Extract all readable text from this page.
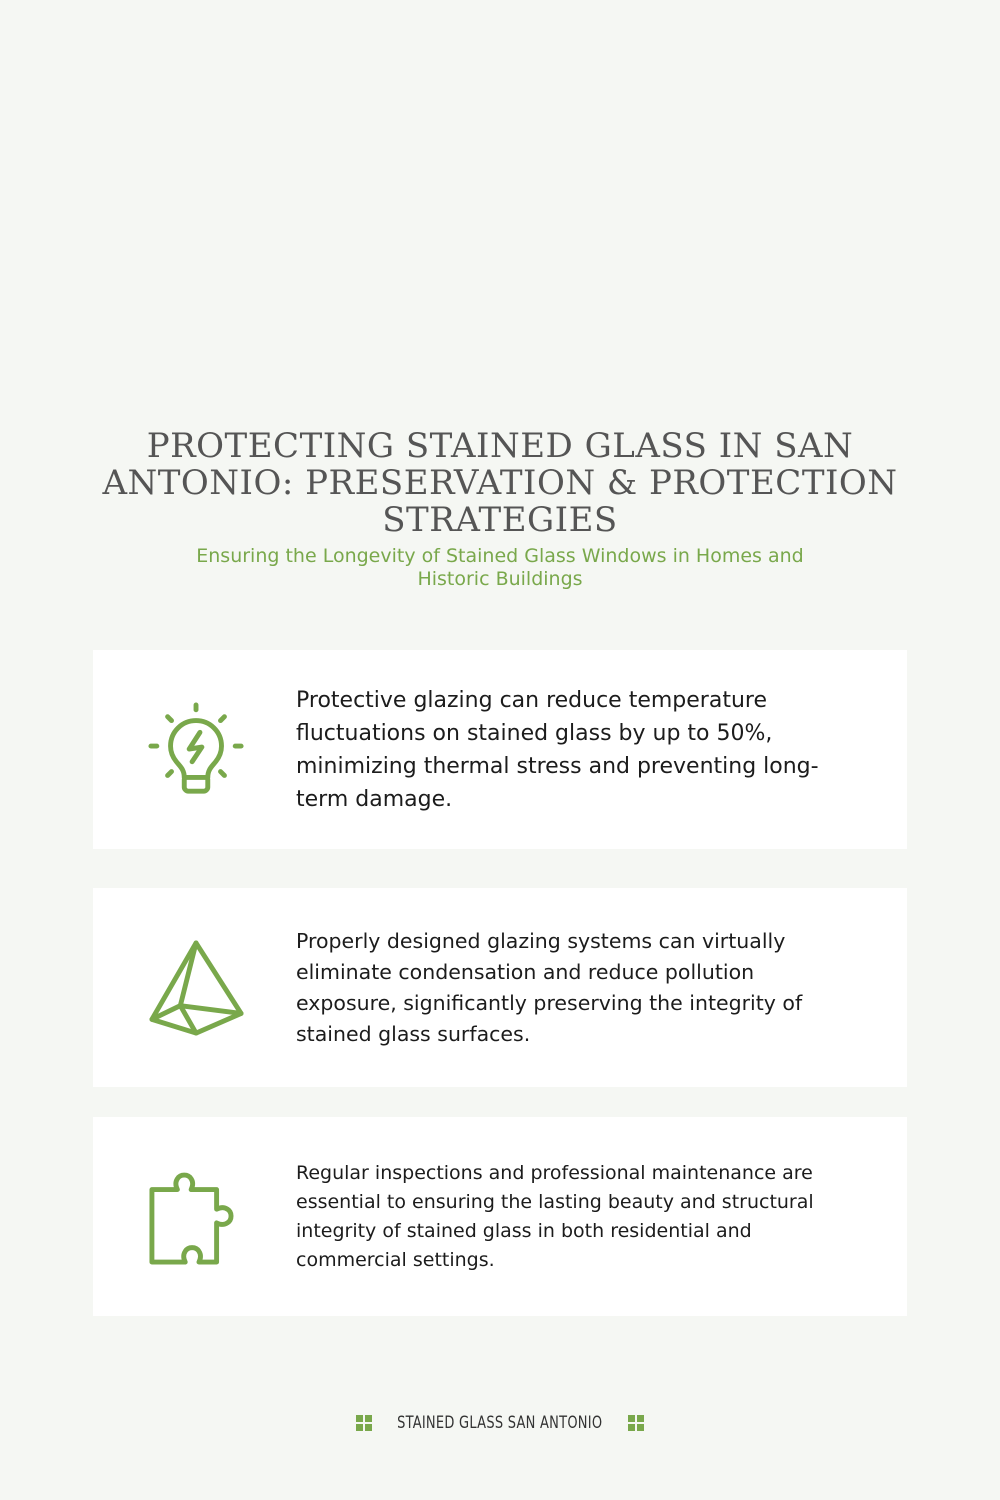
PROTECTING STAINED GLASS IN SAN ANTONIO: PRESERVATION & PROTECTION STRATEGIES
Ensuring the Longevity of Stained Glass Windows in Homes and Historic Buildings

Protective glazing can reduce temperature fluctuations on stained glass by up to 50%, minimizing thermal stress and preventing long-term damage.

Properly designed glazing systems can virtually eliminate condensation and reduce pollution exposure, significantly preserving the integrity of stained glass surfaces.

Regular inspections and professional maintenance are essential to ensuring the lasting beauty and structural integrity of stained glass in both residential and commercial settings.

STAINED GLASS SAN ANTONIO
